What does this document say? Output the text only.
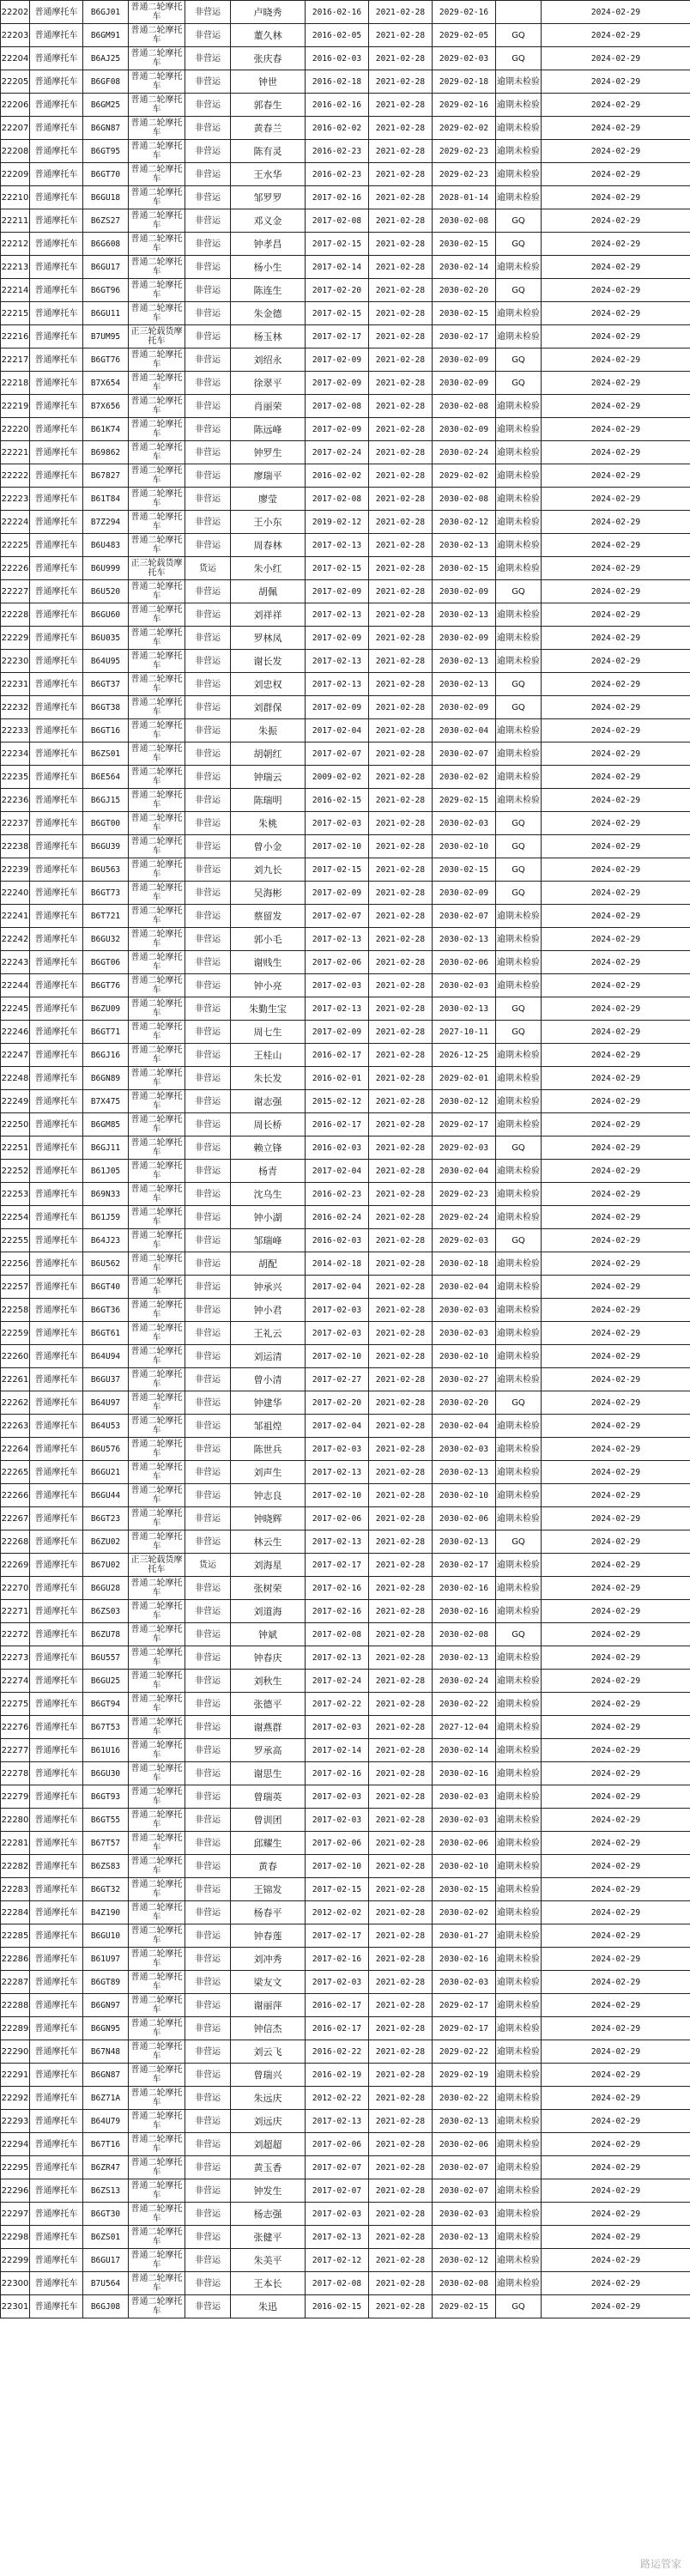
22202	普通摩托车	B6GJ01	普通二轮摩托车	非营运	卢晓秀	2016-02-16	2021-02-28	2029-02-16		2024-02-29
22203	普通摩托车	B6GM91	普通二轮摩托车	非营运	董久林	2016-02-05	2021-02-28	2029-02-05	GQ	2024-02-29
22204	普通摩托车	B6AJ25	普通二轮摩托车	非营运	张庆春	2016-02-03	2021-02-28	2029-02-03	GQ	2024-02-29
22205	普通摩托车	B6GF08	普通二轮摩托车	非营运	钟世	2016-02-18	2021-02-28	2029-02-18	逾期未检验	2024-02-29
22206	普通摩托车	B6GM25	普通二轮摩托车	非营运	郭春生	2016-02-16	2021-02-28	2029-02-16	逾期未检验	2024-02-29
22207	普通摩托车	B6GN87	普通二轮摩托车	非营运	黄春兰	2016-02-02	2021-02-28	2029-02-02	逾期未检验	2024-02-29
22208	普通摩托车	B6GT95	普通二轮摩托车	非营运	陈有灵	2016-02-23	2021-02-28	2029-02-23	逾期未检验	2024-02-29
22209	普通摩托车	B6GT70	普通二轮摩托车	非营运	王水华	2016-02-23	2021-02-28	2029-02-23	逾期未检验	2024-02-29
22210	普通摩托车	B6GU18	普通二轮摩托车	非营运	邹罗罗	2017-02-16	2021-02-28	2028-01-14	逾期未检验	2024-02-29
22211	普通摩托车	B6ZS27	普通二轮摩托车	非营运	邓义金	2017-02-08	2021-02-28	2030-02-08	GQ	2024-02-29
22212	普通摩托车	B6G608	普通二轮摩托车	非营运	钟孝昌	2017-02-15	2021-02-28	2030-02-15	GQ	2024-02-29
22213	普通摩托车	B6GU17	普通二轮摩托车	非营运	杨小生	2017-02-14	2021-02-28	2030-02-14	逾期未检验	2024-02-29
22214	普通摩托车	B6GT96	普通二轮摩托车	非营运	陈连生	2017-02-20	2021-02-28	2030-02-20	GQ	2024-02-29
22215	普通摩托车	B6GU11	普通二轮摩托车	非营运	朱金德	2017-02-15	2021-02-28	2030-02-15	逾期未检验	2024-02-29
22216	普通摩托车	B7UM95	正三轮载货摩托车	非营运	杨玉林	2017-02-17	2021-02-28	2030-02-17	逾期未检验	2024-02-29
22217	普通摩托车	B6GT76	普通二轮摩托车	非营运	刘绍永	2017-02-09	2021-02-28	2030-02-09	GQ	2024-02-29
22218	普通摩托车	B7X654	普通二轮摩托车	非营运	徐翠平	2017-02-09	2021-02-28	2030-02-09	GQ	2024-02-29
22219	普通摩托车	B7X656	普通二轮摩托车	非营运	肖丽荣	2017-02-08	2021-02-28	2030-02-08	逾期未检验	2024-02-29
22220	普通摩托车	B61K74	普通二轮摩托车	非营运	陈远峰	2017-02-09	2021-02-28	2030-02-09	逾期未检验	2024-02-29
22221	普通摩托车	B69862	普通二轮摩托车	非营运	钟罗生	2017-02-24	2021-02-28	2030-02-24	逾期未检验	2024-02-29
22222	普通摩托车	B67827	普通二轮摩托车	非营运	廖瑞平	2016-02-02	2021-02-28	2029-02-02	逾期未检验	2024-02-29
22223	普通摩托车	B61T84	普通二轮摩托车	非营运	廖莹	2017-02-08	2021-02-28	2030-02-08	逾期未检验	2024-02-29
22224	普通摩托车	B7Z294	普通二轮摩托车	非营运	王小东	2019-02-12	2021-02-28	2030-02-12	逾期未检验	2024-02-29
22225	普通摩托车	B6U483	普通二轮摩托车	非营运	周春林	2017-02-13	2021-02-28	2030-02-13	逾期未检验	2024-02-29
22226	普通摩托车	B6U999	正三轮载货摩托车	货运	朱小红	2017-02-15	2021-02-28	2030-02-15	逾期未检验	2024-02-29
22227	普通摩托车	B6U520	普通二轮摩托车	非营运	胡佩	2017-02-09	2021-02-28	2030-02-09	GQ	2024-02-29
22228	普通摩托车	B6GU60	普通二轮摩托车	非营运	刘祥祥	2017-02-13	2021-02-28	2030-02-13	逾期未检验	2024-02-29
22229	普通摩托车	B6U035	普通二轮摩托车	非营运	罗林凤	2017-02-09	2021-02-28	2030-02-09	逾期未检验	2024-02-29
22230	普通摩托车	B64U95	普通二轮摩托车	非营运	谢长发	2017-02-13	2021-02-28	2030-02-13	逾期未检验	2024-02-29
22231	普通摩托车	B6GT37	普通二轮摩托车	非营运	刘忠权	2017-02-13	2021-02-28	2030-02-13	GQ	2024-02-29
22232	普通摩托车	B6GT38	普通二轮摩托车	非营运	刘群保	2017-02-09	2021-02-28	2030-02-09	GQ	2024-02-29
22233	普通摩托车	B6GT16	普通二轮摩托车	非营运	朱振	2017-02-04	2021-02-28	2030-02-04	逾期未检验	2024-02-29
22234	普通摩托车	B6ZS01	普通二轮摩托车	非营运	胡朝红	2017-02-07	2021-02-28	2030-02-07	逾期未检验	2024-02-29
22235	普通摩托车	B6E564	普通二轮摩托车	非营运	钟瑞云	2009-02-02	2021-02-28	2030-02-02	逾期未检验	2024-02-29
22236	普通摩托车	B6GJ15	普通二轮摩托车	非营运	陈瑞明	2016-02-15	2021-02-28	2029-02-15	逾期未检验	2024-02-29
22237	普通摩托车	B6GT00	普通二轮摩托车	非营运	朱桃	2017-02-03	2021-02-28	2030-02-03	GQ	2024-02-29
22238	普通摩托车	B6GU39	普通二轮摩托车	非营运	曾小金	2017-02-10	2021-02-28	2030-02-10	GQ	2024-02-29
22239	普通摩托车	B6U563	普通二轮摩托车	非营运	刘九长	2017-02-15	2021-02-28	2030-02-15	GQ	2024-02-29
22240	普通摩托车	B6GT73	普通二轮摩托车	非营运	吴海彬	2017-02-09	2021-02-28	2030-02-09	GQ	2024-02-29
22241	普通摩托车	B6T721	普通二轮摩托车	非营运	蔡留发	2017-02-07	2021-02-28	2030-02-07	逾期未检验	2024-02-29
22242	普通摩托车	B6GU32	普通二轮摩托车	非营运	郭小毛	2017-02-13	2021-02-28	2030-02-13	逾期未检验	2024-02-29
22243	普通摩托车	B6GT06	普通二轮摩托车	非营运	谢贱生	2017-02-06	2021-02-28	2030-02-06	逾期未检验	2024-02-29
22244	普通摩托车	B6GT76	普通二轮摩托车	非营运	钟小亮	2017-02-03	2021-02-28	2030-02-03	逾期未检验	2024-02-29
22245	普通摩托车	B6ZU09	普通二轮摩托车	非营运	朱勤生宝	2017-02-13	2021-02-28	2030-02-13	GQ	2024-02-29
22246	普通摩托车	B6GT71	普通二轮摩托车	非营运	周七生	2017-02-09	2021-02-28	2027-10-11	GQ	2024-02-29
22247	普通摩托车	B6GJ16	普通二轮摩托车	非营运	王桂山	2016-02-17	2021-02-28	2026-12-25	逾期未检验	2024-02-29
22248	普通摩托车	B6GN89	普通二轮摩托车	非营运	朱长发	2016-02-01	2021-02-28	2029-02-01	逾期未检验	2024-02-29
22249	普通摩托车	B7X475	普通二轮摩托车	非营运	谢志强	2015-02-12	2021-02-28	2030-02-12	逾期未检验	2024-02-29
22250	普通摩托车	B6GM85	普通二轮摩托车	非营运	周长桥	2016-02-17	2021-02-28	2029-02-17	逾期未检验	2024-02-29
22251	普通摩托车	B6GJ11	普通二轮摩托车	非营运	赖立锋	2016-02-03	2021-02-28	2029-02-03	GQ	2024-02-29
22252	普通摩托车	B61J05	普通二轮摩托车	非营运	杨青	2017-02-04	2021-02-28	2030-02-04	逾期未检验	2024-02-29
22253	普通摩托车	B69N33	普通二轮摩托车	非营运	沈乌生	2016-02-23	2021-02-28	2029-02-23	逾期未检验	2024-02-29
22254	普通摩托车	B61J59	普通二轮摩托车	非营运	钟小湖	2016-02-24	2021-02-28	2029-02-24	逾期未检验	2024-02-29
22255	普通摩托车	B64J23	普通二轮摩托车	非营运	邹瑞峰	2016-02-03	2021-02-28	2029-02-03	GQ	2024-02-29
22256	普通摩托车	B6U562	普通二轮摩托车	非营运	胡配	2014-02-18	2021-02-28	2030-02-18	逾期未检验	2024-02-29
22257	普通摩托车	B6GT40	普通二轮摩托车	非营运	钟承兴	2017-02-04	2021-02-28	2030-02-04	逾期未检验	2024-02-29
22258	普通摩托车	B6GT36	普通二轮摩托车	非营运	钟小君	2017-02-03	2021-02-28	2030-02-03	逾期未检验	2024-02-29
22259	普通摩托车	B6GT61	普通二轮摩托车	非营运	王礼云	2017-02-03	2021-02-28	2030-02-03	逾期未检验	2024-02-29
22260	普通摩托车	B64U94	普通二轮摩托车	非营运	刘运清	2017-02-10	2021-02-28	2030-02-10	逾期未检验	2024-02-29
22261	普通摩托车	B6GU37	普通二轮摩托车	非营运	曾小清	2017-02-27	2021-02-28	2030-02-27	逾期未检验	2024-02-29
22262	普通摩托车	B64U97	普通二轮摩托车	非营运	钟建华	2017-02-20	2021-02-28	2030-02-20	GQ	2024-02-29
22263	普通摩托车	B64U53	普通二轮摩托车	非营运	邹祖煌	2017-02-04	2021-02-28	2030-02-04	逾期未检验	2024-02-29
22264	普通摩托车	B6U576	普通二轮摩托车	非营运	陈世兵	2017-02-03	2021-02-28	2030-02-03	逾期未检验	2024-02-29
22265	普通摩托车	B6GU21	普通二轮摩托车	非营运	刘声生	2017-02-13	2021-02-28	2030-02-13	逾期未检验	2024-02-29
22266	普通摩托车	B6GU44	普通二轮摩托车	非营运	钟志良	2017-02-10	2021-02-28	2030-02-10	逾期未检验	2024-02-29
22267	普通摩托车	B6GT23	普通二轮摩托车	非营运	钟晓辉	2017-02-06	2021-02-28	2030-02-06	逾期未检验	2024-02-29
22268	普通摩托车	B6ZU02	普通二轮摩托车	非营运	林云生	2017-02-13	2021-02-28	2030-02-13	GQ	2024-02-29
22269	普通摩托车	B67U02	正三轮载货摩托车	货运	刘海星	2017-02-17	2021-02-28	2030-02-17	逾期未检验	2024-02-29
22270	普通摩托车	B6GU28	普通二轮摩托车	非营运	张树荣	2017-02-16	2021-02-28	2030-02-16	逾期未检验	2024-02-29
22271	普通摩托车	B6ZS03	普通二轮摩托车	非营运	刘道海	2017-02-16	2021-02-28	2030-02-16	逾期未检验	2024-02-29
22272	普通摩托车	B6ZU78	普通二轮摩托车	非营运	钟斌	2017-02-08	2021-02-28	2030-02-08	GQ	2024-02-29
22273	普通摩托车	B6U557	普通二轮摩托车	非营运	钟春庆	2017-02-13	2021-02-28	2030-02-13	逾期未检验	2024-02-29
22274	普通摩托车	B6GU25	普通二轮摩托车	非营运	刘秋生	2017-02-24	2021-02-28	2030-02-24	逾期未检验	2024-02-29
22275	普通摩托车	B6GT94	普通二轮摩托车	非营运	张德平	2017-02-22	2021-02-28	2030-02-22	逾期未检验	2024-02-29
22276	普通摩托车	B67T53	普通二轮摩托车	非营运	谢燕群	2017-02-03	2021-02-28	2027-12-04	逾期未检验	2024-02-29
22277	普通摩托车	B61U16	普通二轮摩托车	非营运	罗承高	2017-02-14	2021-02-28	2030-02-14	逾期未检验	2024-02-29
22278	普通摩托车	B6GU30	普通二轮摩托车	非营运	谢思生	2017-02-16	2021-02-28	2030-02-16	逾期未检验	2024-02-29
22279	普通摩托车	B6GT93	普通二轮摩托车	非营运	曾瑞英	2017-02-03	2021-02-28	2030-02-03	逾期未检验	2024-02-29
22280	普通摩托车	B6GT55	普通二轮摩托车	非营运	曾训团	2017-02-03	2021-02-28	2030-02-03	逾期未检验	2024-02-29
22281	普通摩托车	B67T57	普通二轮摩托车	非营运	邱耀生	2017-02-06	2021-02-28	2030-02-06	逾期未检验	2024-02-29
22282	普通摩托车	B6ZS83	普通二轮摩托车	非营运	黄春	2017-02-10	2021-02-28	2030-02-10	逾期未检验	2024-02-29
22283	普通摩托车	B6GT32	普通二轮摩托车	非营运	王锦发	2017-02-15	2021-02-28	2030-02-15	逾期未检验	2024-02-29
22284	普通摩托车	B4Z190	普通二轮摩托车	非营运	杨春平	2012-02-02	2021-02-28	2030-02-02	逾期未检验	2024-02-29
22285	普通摩托车	B6GU10	普通二轮摩托车	非营运	钟春莲	2017-02-17	2021-02-28	2030-01-27	逾期未检验	2024-02-29
22286	普通摩托车	B61U97	普通二轮摩托车	非营运	刘冲秀	2017-02-16	2021-02-28	2030-02-16	逾期未检验	2024-02-29
22287	普通摩托车	B6GT89	普通二轮摩托车	非营运	梁友文	2017-02-03	2021-02-28	2030-02-03	逾期未检验	2024-02-29
22288	普通摩托车	B6GN97	普通二轮摩托车	非营运	谢丽萍	2016-02-17	2021-02-28	2029-02-17	逾期未检验	2024-02-29
22289	普通摩托车	B6GN95	普通二轮摩托车	非营运	钟信杰	2016-02-17	2021-02-28	2029-02-17	逾期未检验	2024-02-29
22290	普通摩托车	B67N48	普通二轮摩托车	非营运	刘云飞	2016-02-22	2021-02-28	2029-02-22	逾期未检验	2024-02-29
22291	普通摩托车	B6GN87	普通二轮摩托车	非营运	曾瑞兴	2016-02-19	2021-02-28	2029-02-19	逾期未检验	2024-02-29
22292	普通摩托车	B6Z71A	普通二轮摩托车	非营运	朱远庆	2012-02-22	2021-02-28	2030-02-22	逾期未检验	2024-02-29
22293	普通摩托车	B64U79	普通二轮摩托车	非营运	刘远庆	2017-02-13	2021-02-28	2030-02-13	逾期未检验	2024-02-29
22294	普通摩托车	B67T16	普通二轮摩托车	非营运	刘超超	2017-02-06	2021-02-28	2030-02-06	逾期未检验	2024-02-29
22295	普通摩托车	B6ZR47	普通二轮摩托车	非营运	黄玉香	2017-02-07	2021-02-28	2030-02-07	逾期未检验	2024-02-29
22296	普通摩托车	B6ZS13	普通二轮摩托车	非营运	钟发生	2017-02-07	2021-02-28	2030-02-07	逾期未检验	2024-02-29
22297	普通摩托车	B6GT30	普通二轮摩托车	非营运	杨志强	2017-02-03	2021-02-28	2030-02-03	逾期未检验	2024-02-29
22298	普通摩托车	B6ZS01	普通二轮摩托车	非营运	张健平	2017-02-13	2021-02-28	2030-02-13	逾期未检验	2024-02-29
22299	普通摩托车	B6GU17	普通二轮摩托车	非营运	朱美平	2017-02-12	2021-02-28	2030-02-12	逾期未检验	2024-02-29
22300	普通摩托车	B7U564	普通二轮摩托车	非营运	王本长	2017-02-08	2021-02-28	2030-02-08	逾期未检验	2024-02-29
22301	普通摩托车	B6GJ08	普通二轮摩托车	非营运	朱迅	2016-02-15	2021-02-28	2029-02-15	GQ	2024-02-29
路运管家
